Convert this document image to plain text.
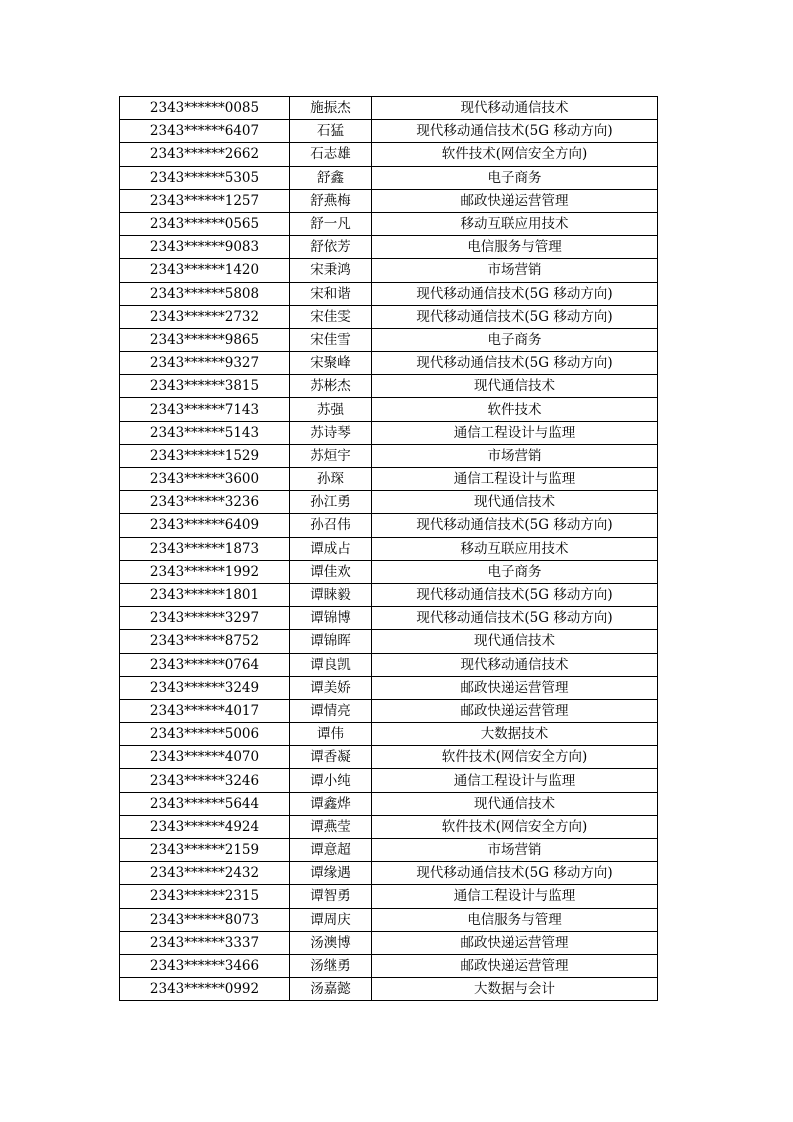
2343******0085	施振杰	现代移动通信技术
2343******6407	石猛	现代移动通信技术(5G 移动方向)
2343******2662	石志雄	软件技术(网信安全方向)
2343******5305	舒鑫	电子商务
2343******1257	舒燕梅	邮政快递运营管理
2343******0565	舒一凡	移动互联应用技术
2343******9083	舒依芳	电信服务与管理
2343******1420	宋秉鸿	市场营销
2343******5808	宋和谐	现代移动通信技术(5G 移动方向)
2343******2732	宋佳雯	现代移动通信技术(5G 移动方向)
2343******9865	宋佳雪	电子商务
2343******9327	宋聚峰	现代移动通信技术(5G 移动方向)
2343******3815	苏彬杰	现代通信技术
2343******7143	苏强	软件技术
2343******5143	苏诗琴	通信工程设计与监理
2343******1529	苏烜宇	市场营销
2343******3600	孙琛	通信工程设计与监理
2343******3236	孙江勇	现代通信技术
2343******6409	孙召伟	现代移动通信技术(5G 移动方向)
2343******1873	谭成占	移动互联应用技术
2343******1992	谭佳欢	电子商务
2343******1801	谭睐毅	现代移动通信技术(5G 移动方向)
2343******3297	谭锦博	现代移动通信技术(5G 移动方向)
2343******8752	谭锦晖	现代通信技术
2343******0764	谭良凯	现代移动通信技术
2343******3249	谭美娇	邮政快递运营管理
2343******4017	谭情亮	邮政快递运营管理
2343******5006	谭伟	大数据技术
2343******4070	谭香凝	软件技术(网信安全方向)
2343******3246	谭小纯	通信工程设计与监理
2343******5644	谭鑫烨	现代通信技术
2343******4924	谭燕莹	软件技术(网信安全方向)
2343******2159	谭意超	市场营销
2343******2432	谭缘遇	现代移动通信技术(5G 移动方向)
2343******2315	谭智勇	通信工程设计与监理
2343******8073	谭周庆	电信服务与管理
2343******3337	汤澳博	邮政快递运营管理
2343******3466	汤继勇	邮政快递运营管理
2343******0992	汤嘉懿	大数据与会计
